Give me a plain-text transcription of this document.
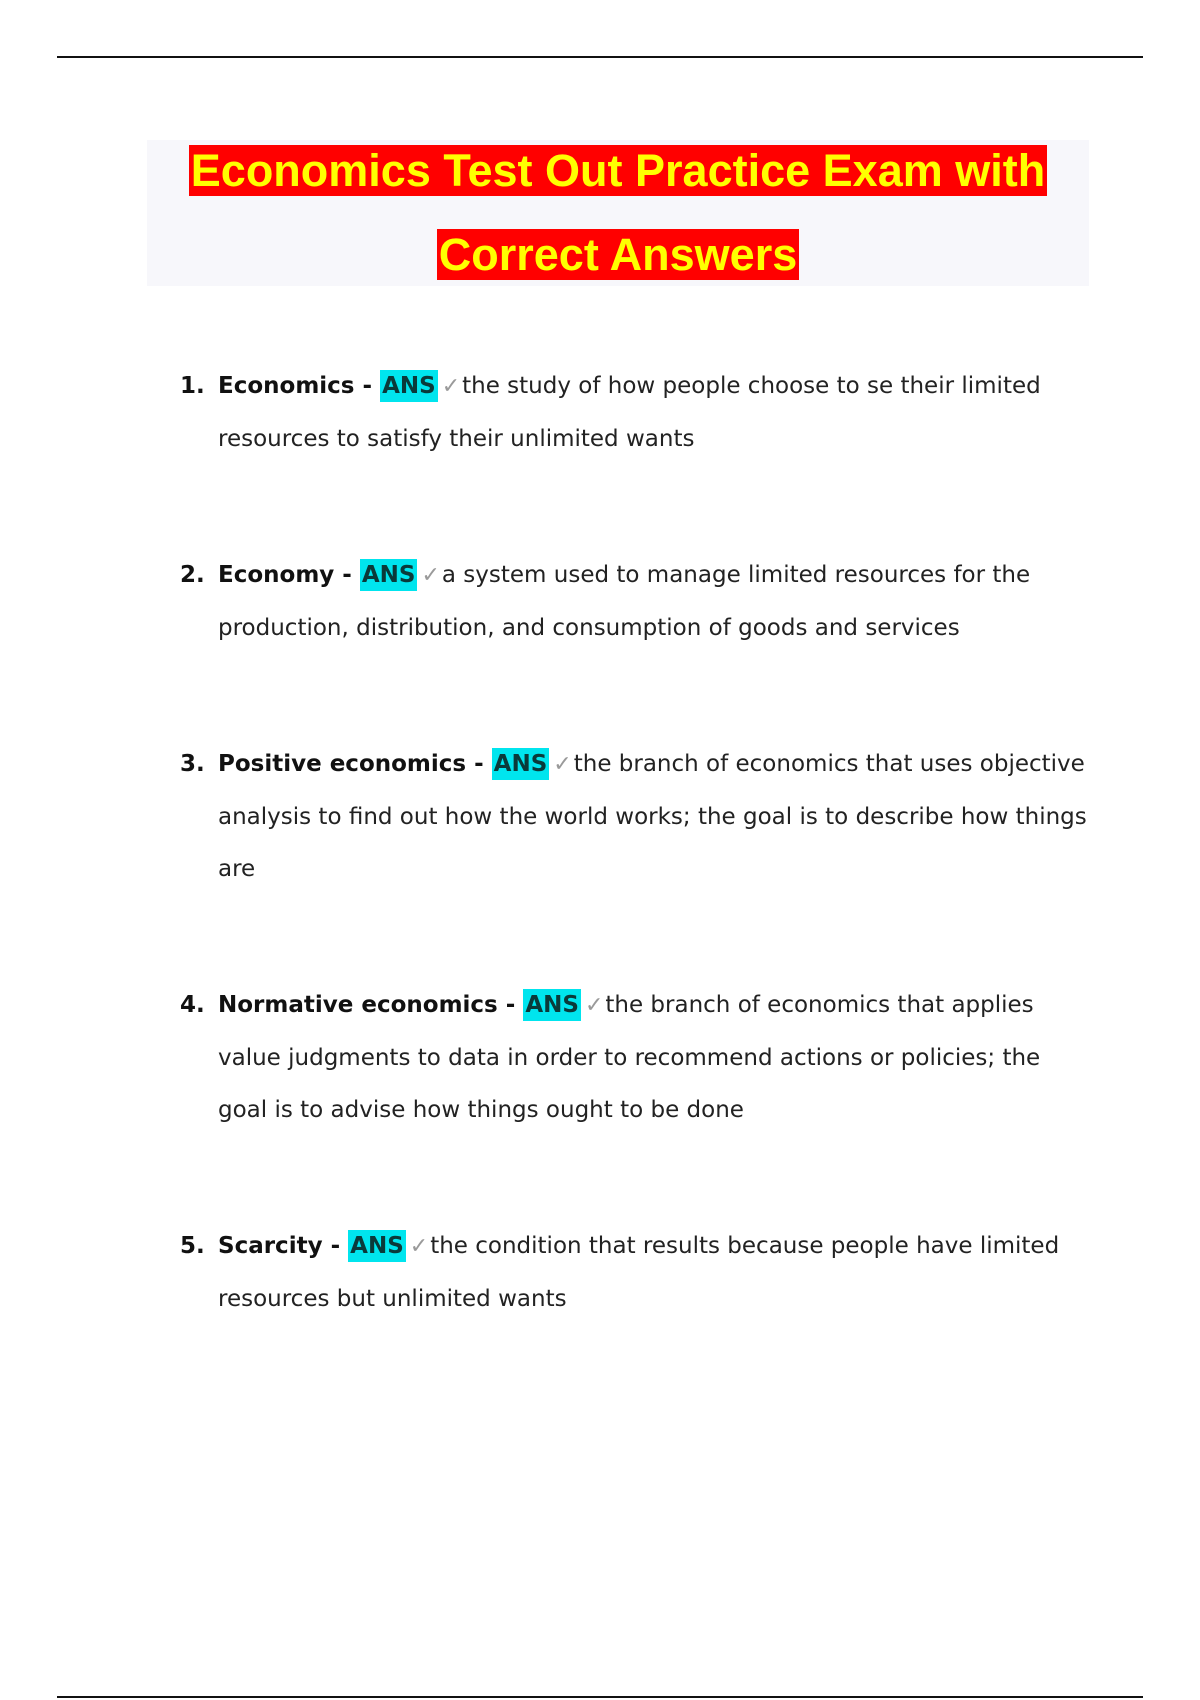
Economics Test Out Practice Exam with
Correct Answers
1. Economics - ANS ✓the study of how people choose to se their limited resources to satisfy their unlimited wants
2. Economy - ANS ✓a system used to manage limited resources for the production, distribution, and consumption of goods and services
3. Positive economics - ANS ✓the branch of economics that uses objective analysis to find out how the world works; the goal is to describe how things are
4. Normative economics - ANS ✓the branch of economics that applies value judgments to data in order to recommend actions or policies; the goal is to advise how things ought to be done
5. Scarcity - ANS ✓the condition that results because people have limited resources but unlimited wants
